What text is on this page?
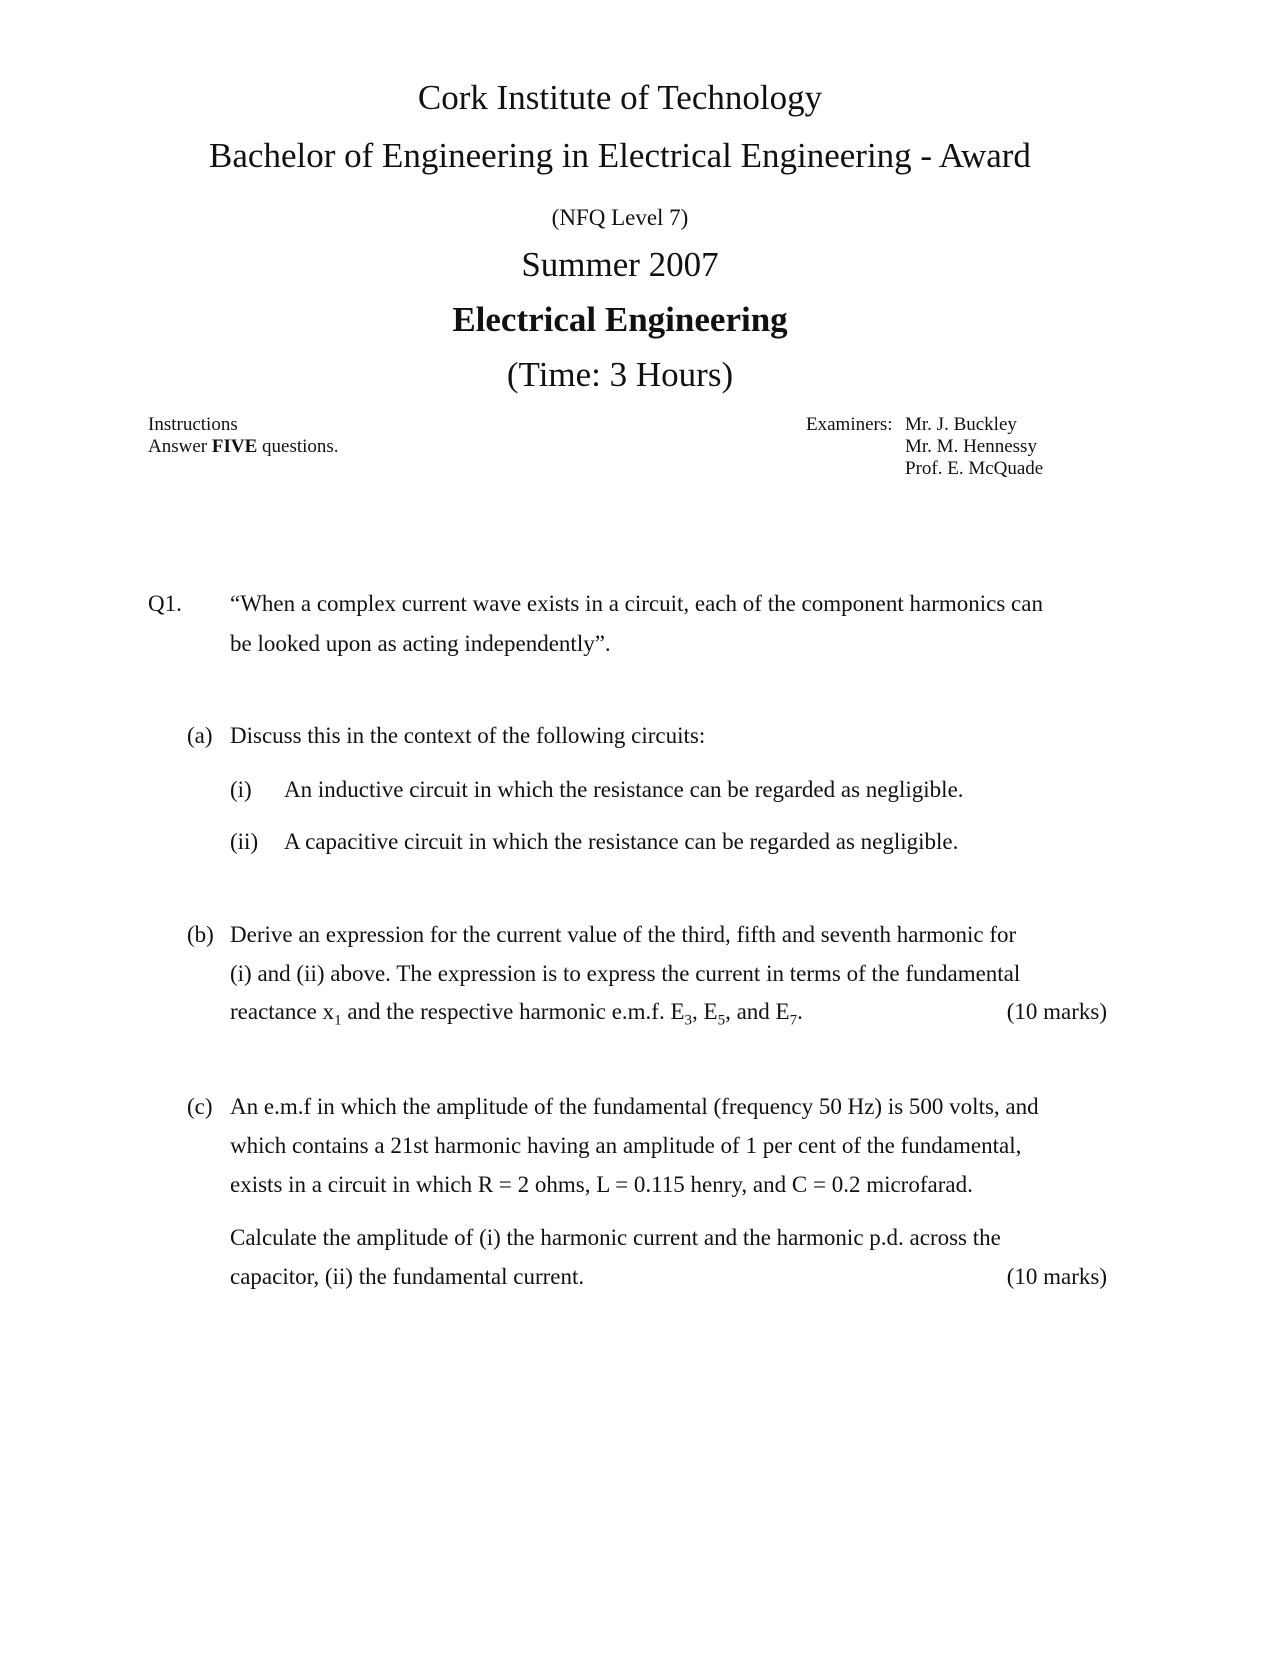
Cork Institute of Technology
Bachelor of Engineering in Electrical Engineering - Award
(NFQ Level 7)
Summer 2007
Electrical Engineering
(Time: 3 Hours)
Instructions
Answer FIVE questions.
Examiners: Mr. J. Buckley
Mr. M. Hennessy
Prof. E. McQuade
Q1. “When a complex current wave exists in a circuit, each of the component harmonics can
be looked upon as acting independently”.
(a) Discuss this in the context of the following circuits:
(i) An inductive circuit in which the resistance can be regarded as negligible.
(ii) A capacitive circuit in which the resistance can be regarded as negligible.
(b) Derive an expression for the current value of the third, fifth and seventh harmonic for
(i) and (ii) above. The expression is to express the current in terms of the fundamental
reactance $x_1$ and the respective harmonic e.m.f. $E_3$, $E_5$, and $E_7$.	(10 marks)
(c) An e.m.f in which the amplitude of the fundamental (frequency 50 Hz) is 500 volts, and
which contains a 21st harmonic having an amplitude of 1 per cent of the fundamental,
exists in a circuit in which R = 2 ohms, L = 0.115 henry, and C = 0.2 microfarad.
Calculate the amplitude of (i) the harmonic current and the harmonic p.d. across the
capacitor, (ii) the fundamental current.	(10 marks)
